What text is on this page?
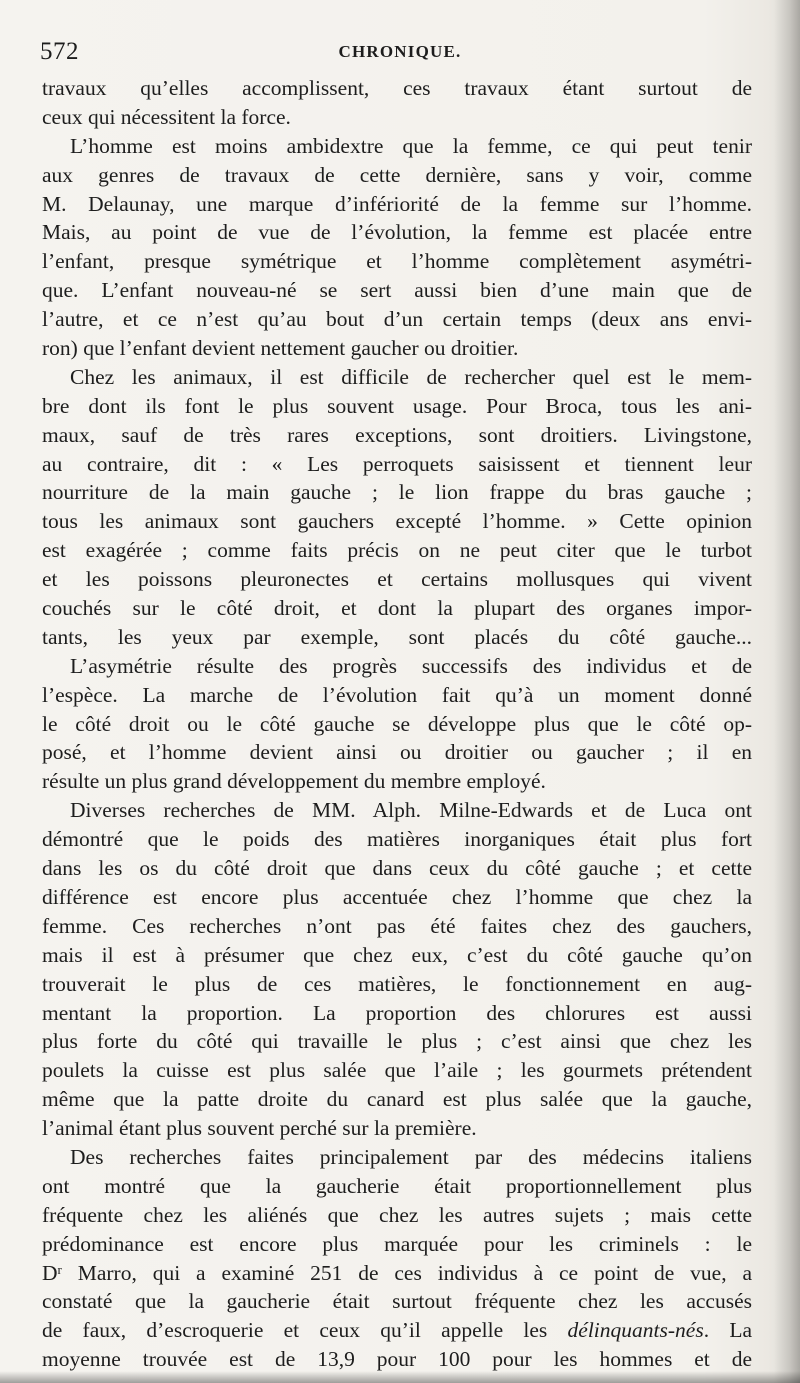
572	CHRONIQUE.
travaux qu’elles accomplissent, ces travaux étant surtout de
ceux qui nécessitent la force.
L’homme est moins ambidextre que la femme, ce qui peut tenir
aux genres de travaux de cette dernière, sans y voir, comme
M. Delaunay, une marque d’infériorité de la femme sur l’homme.
Mais, au point de vue de l’évolution, la femme est placée entre
l’enfant, presque symétrique et l’homme complètement asymétri-
que. L’enfant nouveau-né se sert aussi bien d’une main que de
l’autre, et ce n’est qu’au bout d’un certain temps (deux ans envi-
ron) que l’enfant devient nettement gaucher ou droitier.
Chez les animaux, il est difficile de rechercher quel est le mem-
bre dont ils font le plus souvent usage. Pour Broca, tous les ani-
maux, sauf de très rares exceptions, sont droitiers. Livingstone,
au contraire, dit : « Les perroquets saisissent et tiennent leur
nourriture de la main gauche ; le lion frappe du bras gauche ;
tous les animaux sont gauchers excepté l’homme. » Cette opinion
est exagérée ; comme faits précis on ne peut citer que le turbot
et les poissons pleuronectes et certains mollusques qui vivent
couchés sur le côté droit, et dont la plupart des organes impor-
tants, les yeux par exemple, sont placés du côté gauche...
L’asymétrie résulte des progrès successifs des individus et de
l’espèce. La marche de l’évolution fait qu’à un moment donné
le côté droit ou le côté gauche se développe plus que le côté op-
posé, et l’homme devient ainsi ou droitier ou gaucher ; il en
résulte un plus grand développement du membre employé.
Diverses recherches de MM. Alph. Milne-Edwards et de Luca ont
démontré que le poids des matières inorganiques était plus fort
dans les os du côté droit que dans ceux du côté gauche ; et cette
différence est encore plus accentuée chez l’homme que chez la
femme. Ces recherches n’ont pas été faites chez des gauchers,
mais il est à présumer que chez eux, c’est du côté gauche qu’on
trouverait le plus de ces matières, le fonctionnement en aug-
mentant la proportion. La proportion des chlorures est aussi
plus forte du côté qui travaille le plus ; c’est ainsi que chez les
poulets la cuisse est plus salée que l’aile ; les gourmets prétendent
même que la patte droite du canard est plus salée que la gauche,
l’animal étant plus souvent perché sur la première.
Des recherches faites principalement par des médecins italiens
ont montré que la gaucherie était proportionnellement plus
fréquente chez les aliénés que chez les autres sujets ; mais cette
prédominance est encore plus marquée pour les criminels : le
$D^r$ Marro, qui a examiné 251 de ces individus à ce point de vue, a
constaté que la gaucherie était surtout fréquente chez les accusés
de faux, d’escroquerie et ceux qu’il appelle les délinquants-nés. La
moyenne trouvée est de 13,9 pour 100 pour les hommes et de
